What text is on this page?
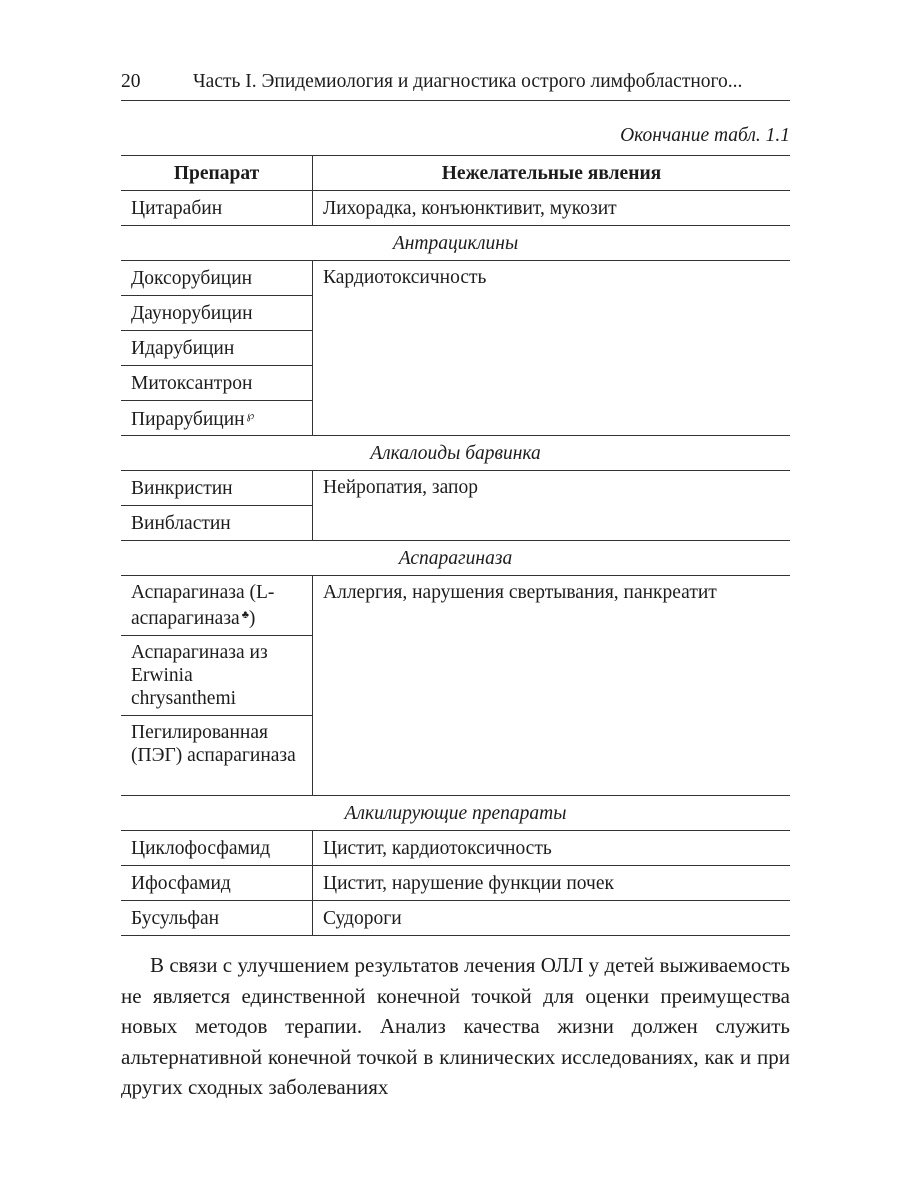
20	Часть I. Эпидемиология и диагностика острого лимфобластного...
Окончание табл. 1.1
Препарат	Нежелательные явления
Цитарабин	Лихорадка, конъюнктивит, мукозит
Антрациклины	
Доксорубицин	Кардиотоксичность
Даунорубицин	
Идарубицин	
Митоксантрон	
Пирарубицин ℘
Алкалоиды барвинка	
Винкристин	Нейропатия, запор
Винбластин	
Аспарагиназа	
Аспарагиназа (L-аспарагиназа ♣)	Аллергия, нарушения свертывания, панкреатит
Аспарагиназа из Erwinia chrysanthemi	
Пегилированная (ПЭГ) аспарагиназа	
Алкилирующие препараты	
Циклофосфамид	Цистит, кардиотоксичность
Ифосфамид	Цистит, нарушение функции почек
Бусульфан	Судороги

В связи с улучшением результатов лечения ОЛЛ у детей выживаемость не является единственной конечной точкой для оценки преимущества новых методов терапии. Анализ качества жизни должен служить альтернативной конечной точкой в клинических исследованиях, как и при других сходных заболеваниях
